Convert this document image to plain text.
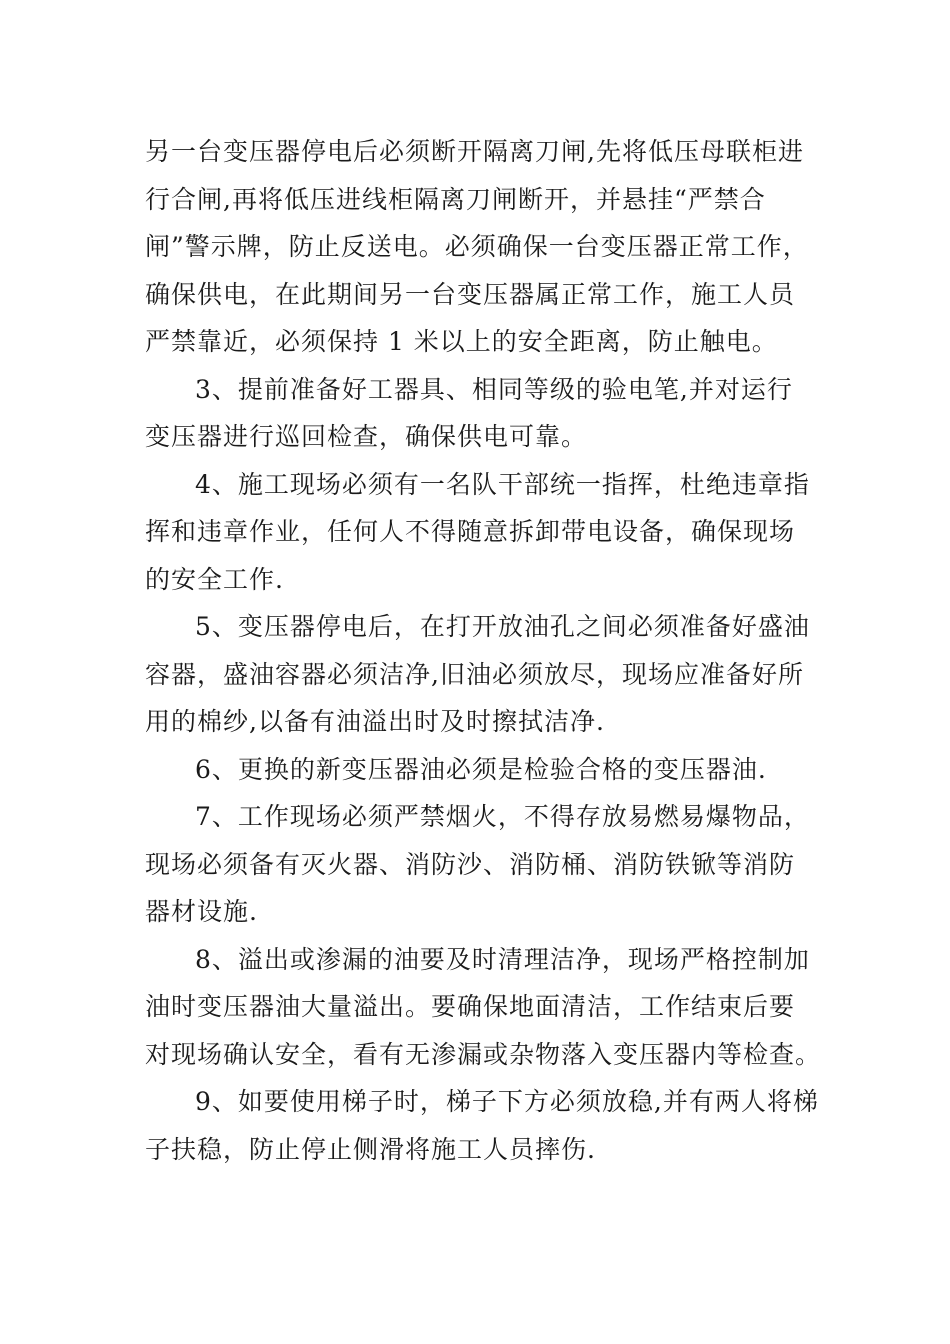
另一台变压器停电后必须断开隔离刀闸,先将低压母联柜进
行合闸,再将低压进线柜隔离刀闸断开，并悬挂“严禁合
闸”警示牌，防止反送电。必须确保一台变压器正常工作，
确保供电，在此期间另一台变压器属正常工作，施工人员
严禁靠近，必须保持 1 米以上的安全距离，防止触电。
3、提前准备好工器具、相同等级的验电笔,并对运行
变压器进行巡回检查，确保供电可靠。
4、施工现场必须有一名队干部统一指挥，杜绝违章指
挥和违章作业，任何人不得随意拆卸带电设备，确保现场
的安全工作.
5、变压器停电后，在打开放油孔之间必须准备好盛油
容器，盛油容器必须洁净,旧油必须放尽，现场应准备好所
用的棉纱,以备有油溢出时及时擦拭洁净.
6、更换的新变压器油必须是检验合格的变压器油.
7、工作现场必须严禁烟火，不得存放易燃易爆物品，
现场必须备有灭火器、消防沙、消防桶、消防铁锨等消防
器材设施.
8、溢出或渗漏的油要及时清理洁净，现场严格控制加
油时变压器油大量溢出。要确保地面清洁，工作结束后要
对现场确认安全，看有无渗漏或杂物落入变压器内等检查。
9、如要使用梯子时，梯子下方必须放稳,并有两人将梯
子扶稳，防止停止侧滑将施工人员摔伤.
